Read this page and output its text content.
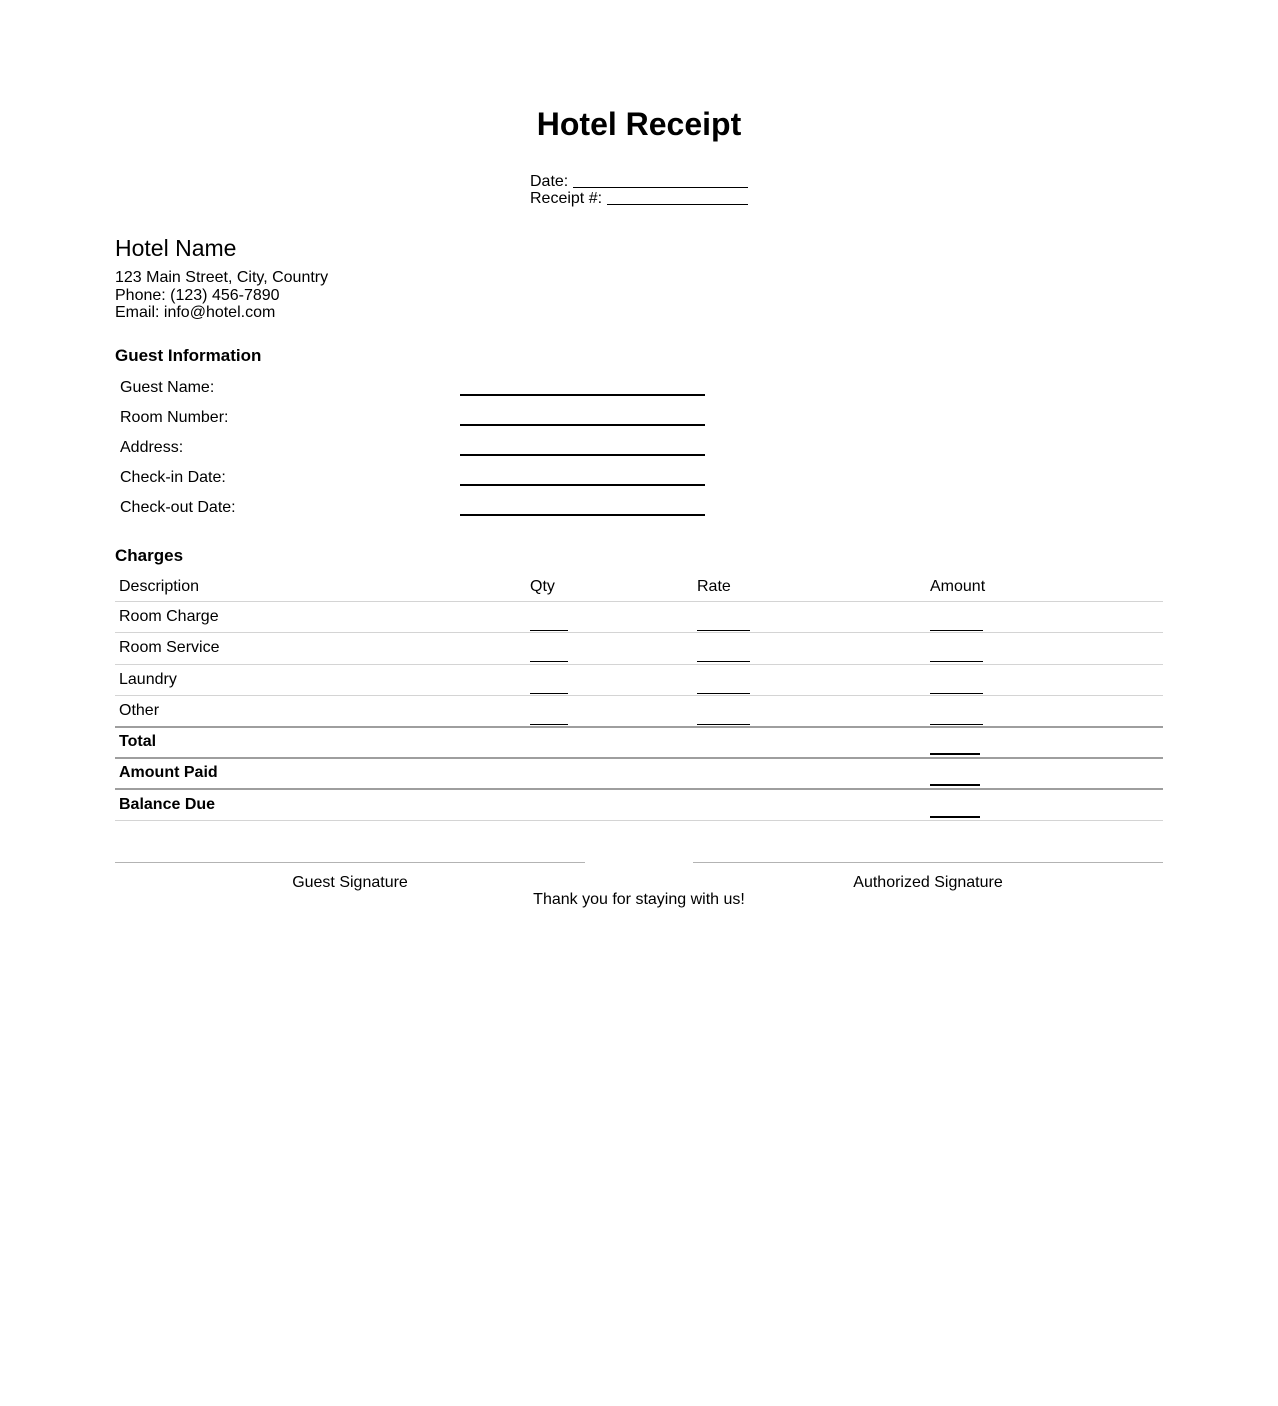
Hotel Receipt
Date:
Receipt #:
Hotel Name
123 Main Street, City, Country
Phone: (123) 456-7890
Email: info@hotel.com
Guest Information
Guest Name:
Room Number:
Address:
Check-in Date:
Check-out Date:
Charges
Description	Qty	Rate	Amount
Room Charge
Room Service
Laundry
Other
Total
Amount Paid
Balance Due
Guest Signature	Authorized Signature

Thank you for staying with us!
